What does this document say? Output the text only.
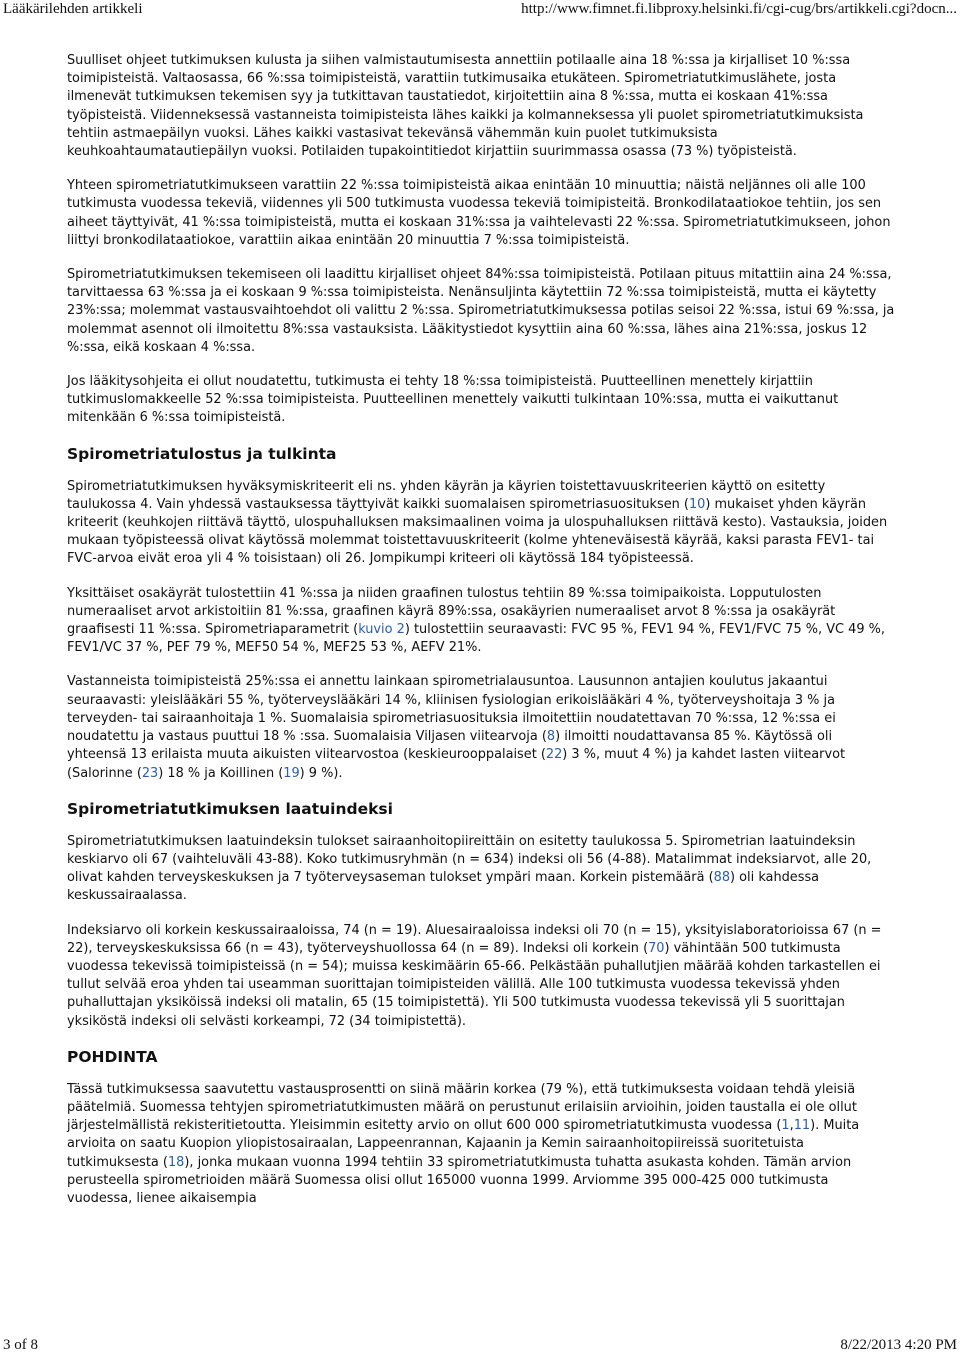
Lääkärilehden artikkeli	http://www.fimnet.fi.libproxy.helsinki.fi/cgi-cug/brs/artikkeli.cgi?docn...

Suulliset ohjeet tutkimuksen kulusta ja siihen valmistautumisesta annettiin potilaalle aina 18 %:ssa ja kirjalliset 10 %:ssa toimipisteistä. Valtaosassa, 66 %:ssa toimipisteistä, varattiin tutkimusaika etukäteen. Spirometriatutkimuslähete, josta ilmenevät tutkimuksen tekemisen syy ja tutkittavan taustatiedot, kirjoitettiin aina 8 %:ssa, mutta ei koskaan 41%:ssa työpisteistä. Viidenneksessä vastanneista toimipisteista lähes kaikki ja kolmanneksessa yli puolet spirometriatutkimuksista tehtiin astmaepäilyn vuoksi. Lähes kaikki vastasivat tekevänsä vähemmän kuin puolet tutkimuksista keuhkoahtaumatautiepäilyn vuoksi. Potilaiden tupakointitiedot kirjattiin suurimmassa osassa (73 %) työpisteistä.

Yhteen spirometriatutkimukseen varattiin 22 %:ssa toimipisteistä aikaa enintään 10 minuuttia; näistä neljännes oli alle 100 tutkimusta vuodessa tekeviä, viidennes yli 500 tutkimusta vuodessa tekeviä toimipisteitä. Bronkodilataatiokoe tehtiin, jos sen aiheet täyttyivät, 41 %:ssa toimipisteistä, mutta ei koskaan 31%:ssa ja vaihtelevasti 22 %:ssa. Spirometriatutkimukseen, johon liittyi bronkodilataatiokoe, varattiin aikaa enintään 20 minuuttia 7 %:ssa toimipisteistä.

Spirometriatutkimuksen tekemiseen oli laadittu kirjalliset ohjeet 84%:ssa toimipisteistä. Potilaan pituus mitattiin aina 24 %:ssa, tarvittaessa 63 %:ssa ja ei koskaan 9 %:ssa toimipisteista. Nenänsuljinta käytettiin 72 %:ssa toimipisteistä, mutta ei käytetty 23%:ssa; molemmat vastausvaihtoehdot oli valittu 2 %:ssa. Spirometriatutkimuksessa potilas seisoi 22 %:ssa, istui 69 %:ssa, ja molemmat asennot oli ilmoitettu 8%:ssa vastauksista. Lääkitystiedot kysyttiin aina 60 %:ssa, lähes aina 21%:ssa, joskus 12 %:ssa, eikä koskaan 4 %:ssa.

Jos lääkitysohjeita ei ollut noudatettu, tutkimusta ei tehty 18 %:ssa toimipisteistä. Puutteellinen menettely kirjattiin tutkimuslomakkeelle 52 %:ssa toimipisteista. Puutteellinen menettely vaikutti tulkintaan 10%:ssa, mutta ei vaikuttanut mitenkään 6 %:ssa toimipisteistä.

Spirometriatulostus ja tulkinta

Spirometriatutkimuksen hyväksymiskriteerit eli ns. yhden käyrän ja käyrien toistettavuuskriteerien käyttö on esitetty taulukossa 4. Vain yhdessä vastauksessa täyttyivät kaikki suomalaisen spirometriasuosituksen (10) mukaiset yhden käyrän kriteerit (keuhkojen riittävä täyttö, ulospuhalluksen maksimaalinen voima ja ulospuhalluksen riittävä kesto). Vastauksia, joiden mukaan työpisteessä olivat käytössä molemmat toistettavuuskriteerit (kolme yhteneväisestä käyrää, kaksi parasta FEV1- tai FVC-arvoa eivät eroa yli 4 % toisistaan) oli 26. Jompikumpi kriteeri oli käytössä 184 työpisteessä.

Yksittäiset osakäyrät tulostettiin 41 %:ssa ja niiden graafinen tulostus tehtiin 89 %:ssa toimipaikoista. Lopputulosten numeraaliset arvot arkistoitiin 81 %:ssa, graafinen käyrä 89%:ssa, osakäyrien numeraaliset arvot 8 %:ssa ja osakäyrät graafisesti 11 %:ssa. Spirometriaparametrit (kuvio 2) tulostettiin seuraavasti: FVC 95 %, FEV1 94 %, FEV1/FVC 75 %, VC 49 %, FEV1/VC 37 %, PEF 79 %, MEF50 54 %, MEF25 53 %, AEFV 21%.

Vastanneista toimipisteistä 25%:ssa ei annettu lainkaan spirometrialausuntoa. Lausunnon antajien koulutus jakaantui seuraavasti: yleislääkäri 55 %, työterveyslääkäri 14 %, kliinisen fysiologian erikoislääkäri 4 %, työterveyshoitaja 3 % ja terveyden- tai sairaanhoitaja 1 %. Suomalaisia spirometriasuosituksia ilmoitettiin noudatettavan 70 %:ssa, 12 %:ssa ei noudatettu ja vastaus puuttui 18 % :ssa. Suomalaisia Viljasen viitearvoja (8) ilmoitti noudattavansa 85 %. Käytössä oli yhteensä 13 erilaista muuta aikuisten viitearvostoa (keskieurooppalaiset (22) 3 %, muut 4 %) ja kahdet lasten viitearvot (Salorinne (23) 18 % ja Koillinen (19) 9 %).

Spirometriatutkimuksen laatuindeksi

Spirometriatutkimuksen laatuindeksin tulokset sairaanhoitopiireittäin on esitetty taulukossa 5. Spirometrian laatuindeksin keskiarvo oli 67 (vaihteluväli 43-88). Koko tutkimusryhmän (n = 634) indeksi oli 56 (4-88). Matalimmat indeksiarvot, alle 20, olivat kahden terveyskeskuksen ja 7 työterveysaseman tulokset ympäri maan. Korkein pistemäärä (88) oli kahdessa keskussairaalassa.

Indeksiarvo oli korkein keskussairaaloissa, 74 (n = 19). Aluesairaaloissa indeksi oli 70 (n = 15), yksityislaboratorioissa 67 (n = 22), terveyskeskuksissa 66 (n = 43), työterveyshuollossa 64 (n = 89). Indeksi oli korkein (70) vähintään 500 tutkimusta vuodessa tekevissä toimipisteissä (n = 54); muissa keskimäärin 65-66. Pelkästään puhallutjien määrää kohden tarkastellen ei tullut selvää eroa yhden tai useamman suorittajan toimipisteiden välillä. Alle 100 tutkimusta vuodessa tekevissä yhden puhalluttajan yksiköissä indeksi oli matalin, 65 (15 toimipistettä). Yli 500 tutkimusta vuodessa tekevissä yli 5 suorittajan yksiköstä indeksi oli selvästi korkeampi, 72 (34 toimipistettä).

POHDINTA

Tässä tutkimuksessa saavutettu vastausprosentti on siinä määrin korkea (79 %), että tutkimuksesta voidaan tehdä yleisiä päätelmiä. Suomessa tehtyjen spirometriatutkimusten määrä on perustunut erilaisiin arvioihin, joiden taustalla ei ole ollut järjestelmällistä rekisteritietoutta. Yleisimmin esitetty arvio on ollut 600 000 spirometriatutkimusta vuodessa (1,11). Muita arvioita on saatu Kuopion yliopistosairaalan, Lappeenrannan, Kajaanin ja Kemin sairaanhoitopiireissä suoritetuista tutkimuksesta (18), jonka mukaan vuonna 1994 tehtiin 33 spirometriatutkimusta tuhatta asukasta kohden. Tämän arvion perusteella spirometrioiden määrä Suomessa olisi ollut 165000 vuonna 1999. Arviomme 395 000-425 000 tutkimusta vuodessa, lienee aikaisempia

3 of 8	8/22/2013 4:20 PM
